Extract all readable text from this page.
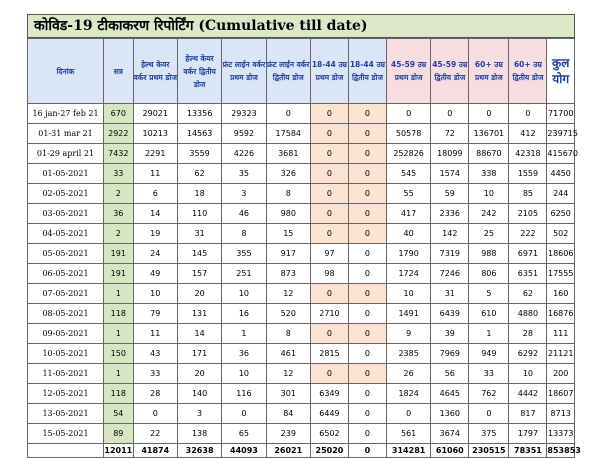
कोविड-19 टीकाकरण रिपोर्टिंग (Cumulative till date)
दिनांक	सत्र	हेल्थ केयर वर्कर प्रथम डोज	हेल्थ केयर वर्कर द्वितीय डोज	फ्रंट लाईन वर्कर प्रथम डोज	फ्रंट लाईन वर्कर द्वितीय डोज	18-44 उम्र प्रथम डोज	18-44 उम्र द्वितीय डोज	45-59 उम्र प्रथम डोज	45-59 उम्र द्वितीय डोज	60+ उम्र प्रथम डोज	60+ उम्र द्वितीय डोज	कुल योग
16 jan-27 feb 21	670	29021	13356	29323	0	0	0	0	0	0	0	71700
01-31 mar 21	2922	10213	14563	9592	17584	0	0	50578	72	136701	412	239715
01-29 april 21	7432	2291	3559	4226	3681	0	0	252826	18099	88670	42318	415670
01-05-2021	33	11	62	35	326	0	0	545	1574	338	1559	4450
02-05-2021	2	6	18	3	8	0	0	55	59	10	85	244
03-05-2021	36	14	110	46	980	0	0	417	2336	242	2105	6250
04-05-2021	2	19	31	8	15	0	0	40	142	25	222	502
05-05-2021	191	24	145	355	917	97	0	1790	7319	988	6971	18606
06-05-2021	191	49	157	251	873	98	0	1724	7246	806	6351	17555
07-05-2021	1	10	20	10	12	0	0	10	31	5	62	160
08-05-2021	118	79	131	16	520	2710	0	1491	6439	610	4880	16876
09-05-2021	1	11	14	1	8	0	0	9	39	1	28	111
10-05-2021	150	43	171	36	461	2815	0	2385	7969	949	6292	21121
11-05-2021	1	33	20	10	12	0	0	26	56	33	10	200
12-05-2021	118	28	140	116	301	6349	0	1824	4645	762	4442	18607
13-05-2021	54	0	3	0	84	6449	0	0	1360	0	817	8713
15-05-2021	89	22	138	65	239	6502	0	561	3674	375	1797	13373
	12011	41874	32638	44093	26021	25020	0	314281	61060	230515	78351	853853
